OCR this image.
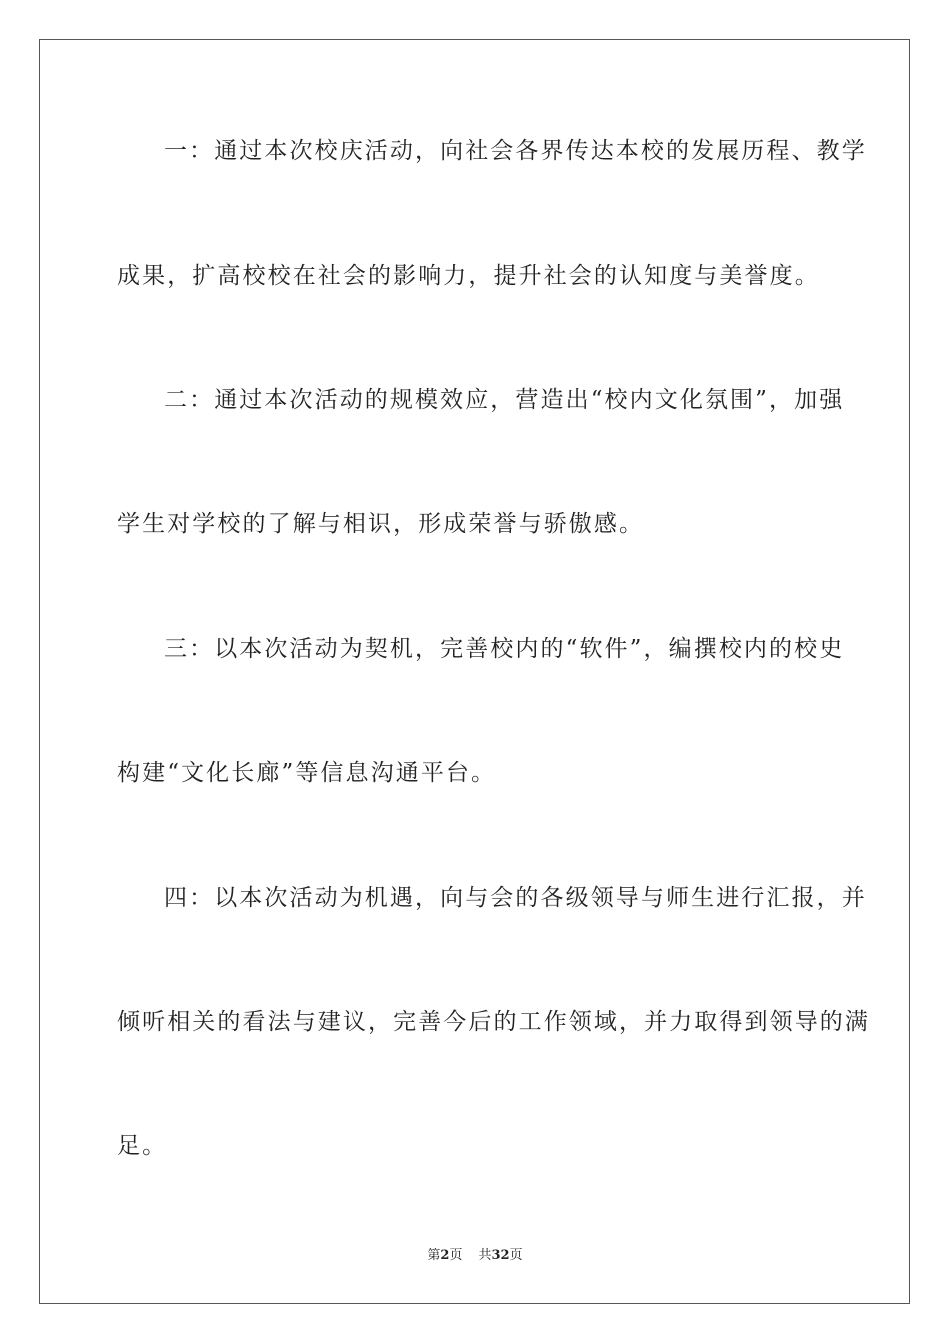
一：通过本次校庆活动，向社会各界传达本校的发展历程、教学
成果，扩高校校在社会的影响力，提升社会的认知度与美誉度。
二：通过本次活动的规模效应，营造出“校内文化氛围”，加强
学生对学校的了解与相识，形成荣誉与骄傲感。
三：以本次活动为契机，完善校内的“软件”，编撰校内的校史
构建“文化长廊”等信息沟通平台。
四：以本次活动为机遇，向与会的各级领导与师生进行汇报，并
倾听相关的看法与建议，完善今后的工作领域，并力取得到领导的满
足。
第2页 共32页
